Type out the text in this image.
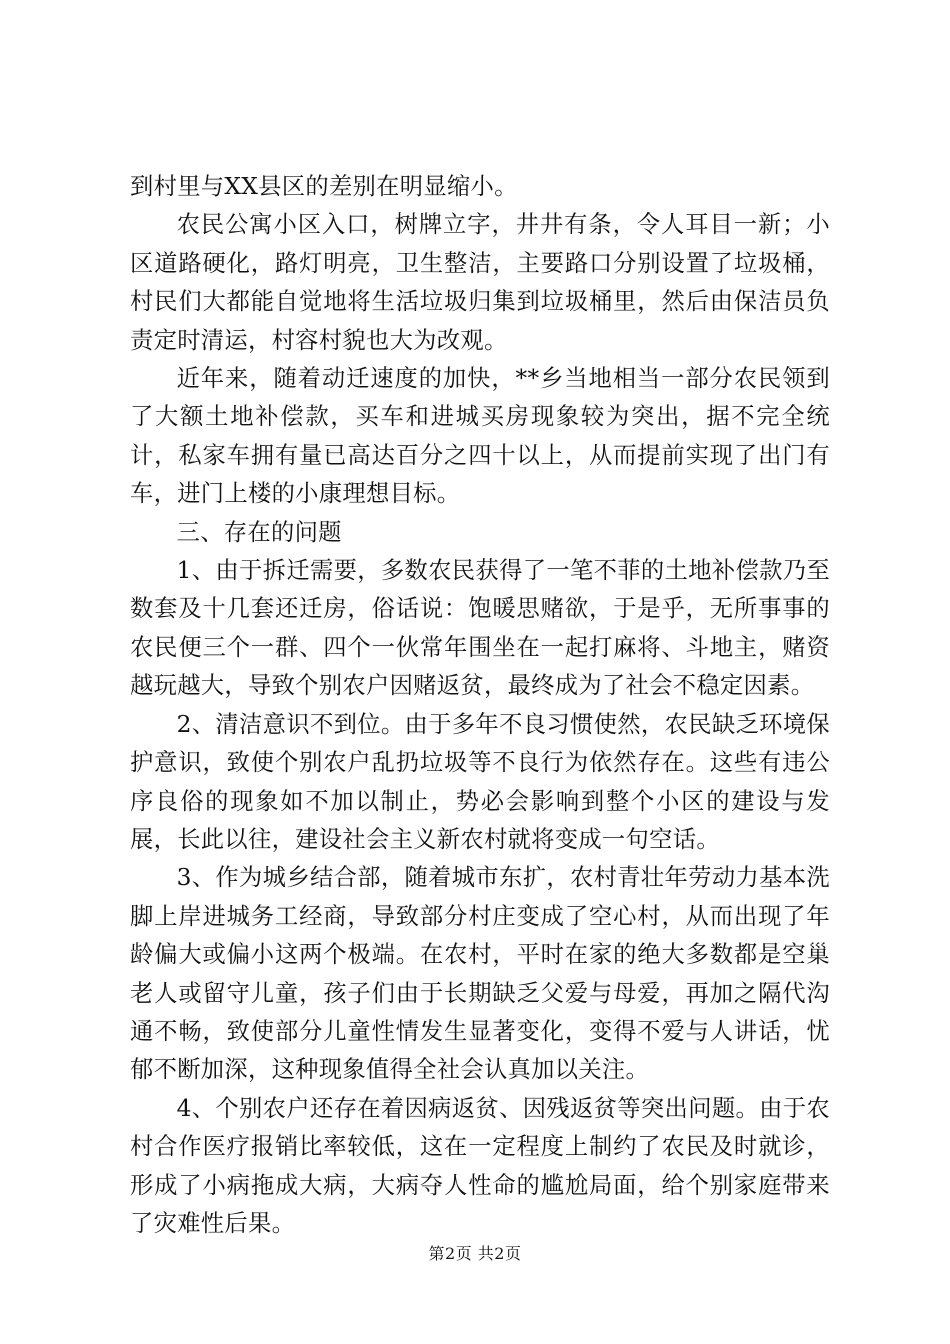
到村里与XX县区的差别在明显缩小。

农民公寓小区入口，树牌立字，井井有条，令人耳目一新；小区道路硬化，路灯明亮，卫生整洁，主要路口分别设置了垃圾桶，村民们大都能自觉地将生活垃圾归集到垃圾桶里，然后由保洁员负责定时清运，村容村貌也大为改观。

近年来，随着动迁速度的加快，**乡当地相当一部分农民领到了大额土地补偿款，买车和进城买房现象较为突出，据不完全统计，私家车拥有量已高达百分之四十以上，从而提前实现了出门有车，进门上楼的小康理想目标。

三、存在的问题

1、由于拆迁需要，多数农民获得了一笔不菲的土地补偿款乃至数套及十几套还迁房，俗话说：饱暖思赌欲，于是乎，无所事事的农民便三个一群、四个一伙常年围坐在一起打麻将、斗地主，赌资越玩越大，导致个别农户因赌返贫，最终成为了社会不稳定因素。

2、清洁意识不到位。由于多年不良习惯使然，农民缺乏环境保护意识，致使个别农户乱扔垃圾等不良行为依然存在。这些有违公序良俗的现象如不加以制止，势必会影响到整个小区的建设与发展，长此以往，建设社会主义新农村就将变成一句空话。

3、作为城乡结合部，随着城市东扩，农村青壮年劳动力基本洗脚上岸进城务工经商，导致部分村庄变成了空心村，从而出现了年龄偏大或偏小这两个极端。在农村，平时在家的绝大多数都是空巢老人或留守儿童，孩子们由于长期缺乏父爱与母爱，再加之隔代沟通不畅，致使部分儿童性情发生显著变化，变得不爱与人讲话，忧郁不断加深，这种现象值得全社会认真加以关注。

4、个别农户还存在着因病返贫、因残返贫等突出问题。由于农村合作医疗报销比率较低，这在一定程度上制约了农民及时就诊，形成了小病拖成大病，大病夺人性命的尴尬局面，给个别家庭带来了灾难性后果。

第2页 共2页
